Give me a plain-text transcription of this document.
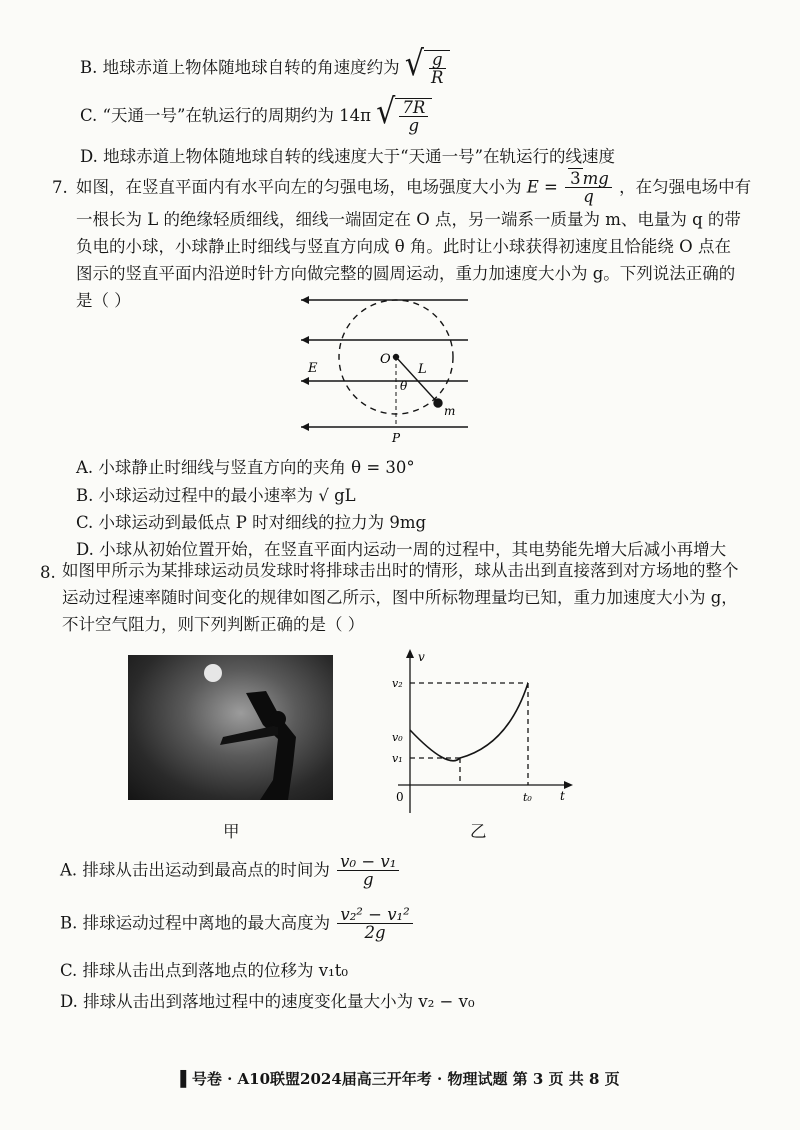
B. 地球赤道上物体随地球自转的角速度约为 √ $\frac{g}{R}$
C. “天通一号”在轨运行的周期约为 14π √ $\frac{7R}{g}$
D. 地球赤道上物体随地球自转的线速度大于“天通一号”在轨运行的线速度
7. 如图，在竖直平面内有水平向左的匀强电场，电场强度大小为 $E = \frac{3 mg}{q}$ ，在匀强电场中有
一根长为 L 的绝缘轻质细线，细线一端固定在 O 点，另一端系一质量为 m、电量为 q 的带负电的小球，小球静止时细线与竖直方向成 θ 角。此时让小球获得初速度且恰能绕 O 点在图示的竖直平面内沿逆时针方向做完整的圆周运动，重力加速度大小为 g。下列说法正确的是（ ）
E
O
L
θ
m
P
A. 小球静止时细线与竖直方向的夹角 θ = 30°
B. 小球运动过程中的最小速率为 √ gL
C. 小球运动到最低点 P 时对细线的拉力为 9mg
D. 小球从初始位置开始，在竖直平面内运动一周的过程中，其电势能先增大后减小再增大
8. 如图甲所示为某排球运动员发球时将排球击出时的情形，球从击出到直接落到对方场地的整个运动过程速率随时间变化的规律如图乙所示，图中所标物理量均已知，重力加速度大小为 g，不计空气阻力，则下列判断正确的是（ ）
v
t
0
v₂
v₀
v₁
t₀
甲	乙
A. 排球从击出运动到最高点的时间为 $\frac{\text{v₀ − v₁}}{g}$
B. 排球运动过程中离地的最大高度为 $\frac{\text{v₂² − v₁²}}{2g}$
C. 排球从击出点到落地点的位移为 v₁t₀
D. 排球从击出到落地过程中的速度变化量大小为 v₂ − v₀
▌号卷 · A10联盟2024届高三开年考 · 物理试题 第 3 页 共 8 页
